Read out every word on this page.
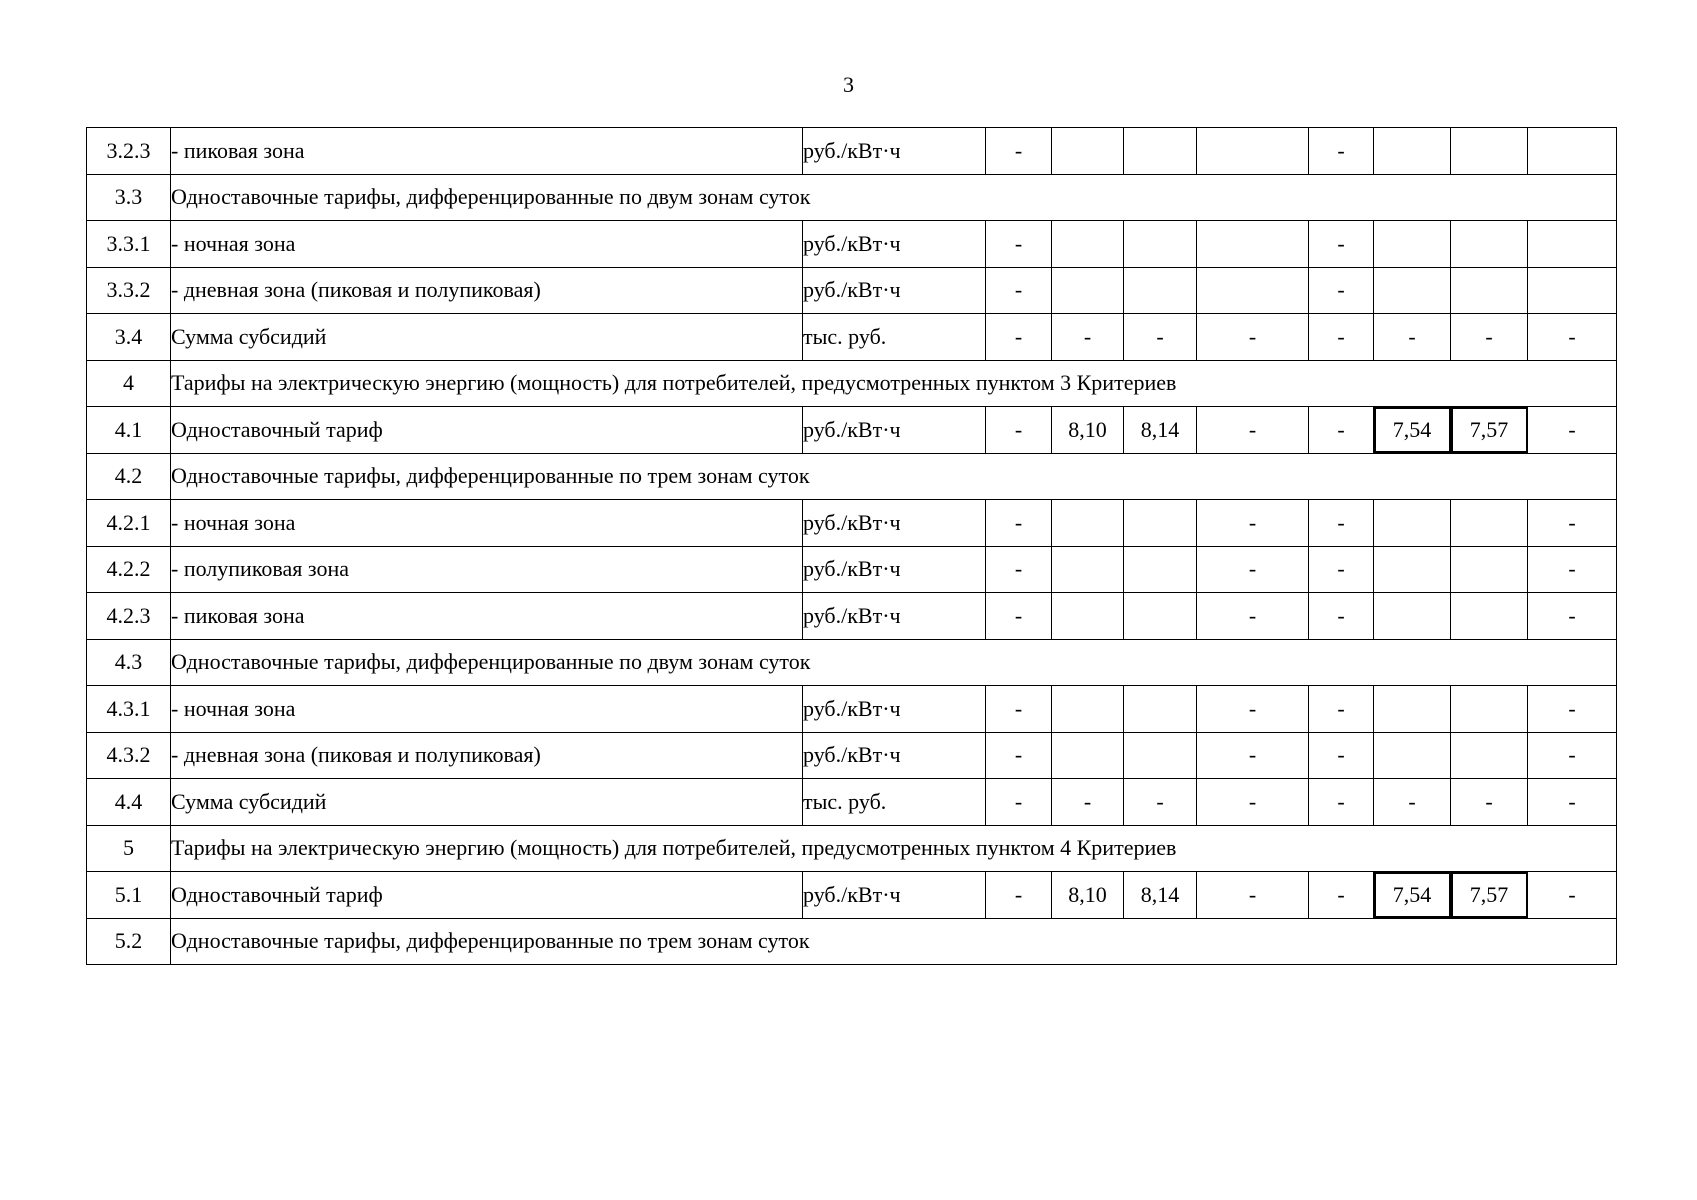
3
3.2.3	- пиковая зона	руб./кВт·ч	-				-			
3.3	Одноставочные тарифы, дифференцированные по двум зонам суток									
3.3.1	- ночная зона	руб./кВт·ч	-				-			
3.3.2	- дневная зона (пиковая и полупиковая)	руб./кВт·ч	-				-			
3.4	Сумма субсидий	тыс. руб.	-	-	-	-	-	-	-	-
4	Тарифы на электрическую энергию (мощность) для потребителей, предусмотренных пунктом 3 Критериев									
4.1	Одноставочный тариф	руб./кВт·ч	-	8,10	8,14	-	-	7,54	7,57	-
4.2	Одноставочные тарифы, дифференцированные по трем зонам суток									
4.2.1	- ночная зона	руб./кВт·ч	-			-	-			-
4.2.2	- полупиковая зона	руб./кВт·ч	-			-	-			-
4.2.3	- пиковая зона	руб./кВт·ч	-			-	-			-
4.3	Одноставочные тарифы, дифференцированные по двум зонам суток									
4.3.1	- ночная зона	руб./кВт·ч	-			-	-			-
4.3.2	- дневная зона (пиковая и полупиковая)	руб./кВт·ч	-			-	-			-
4.4	Сумма субсидий	тыс. руб.	-	-	-	-	-	-	-	-
5	Тарифы на электрическую энергию (мощность) для потребителей, предусмотренных пунктом 4 Критериев									
5.1	Одноставочный тариф	руб./кВт·ч	-	8,10	8,14	-	-	7,54	7,57	-
5.2	Одноставочные тарифы, дифференцированные по трем зонам суток									
